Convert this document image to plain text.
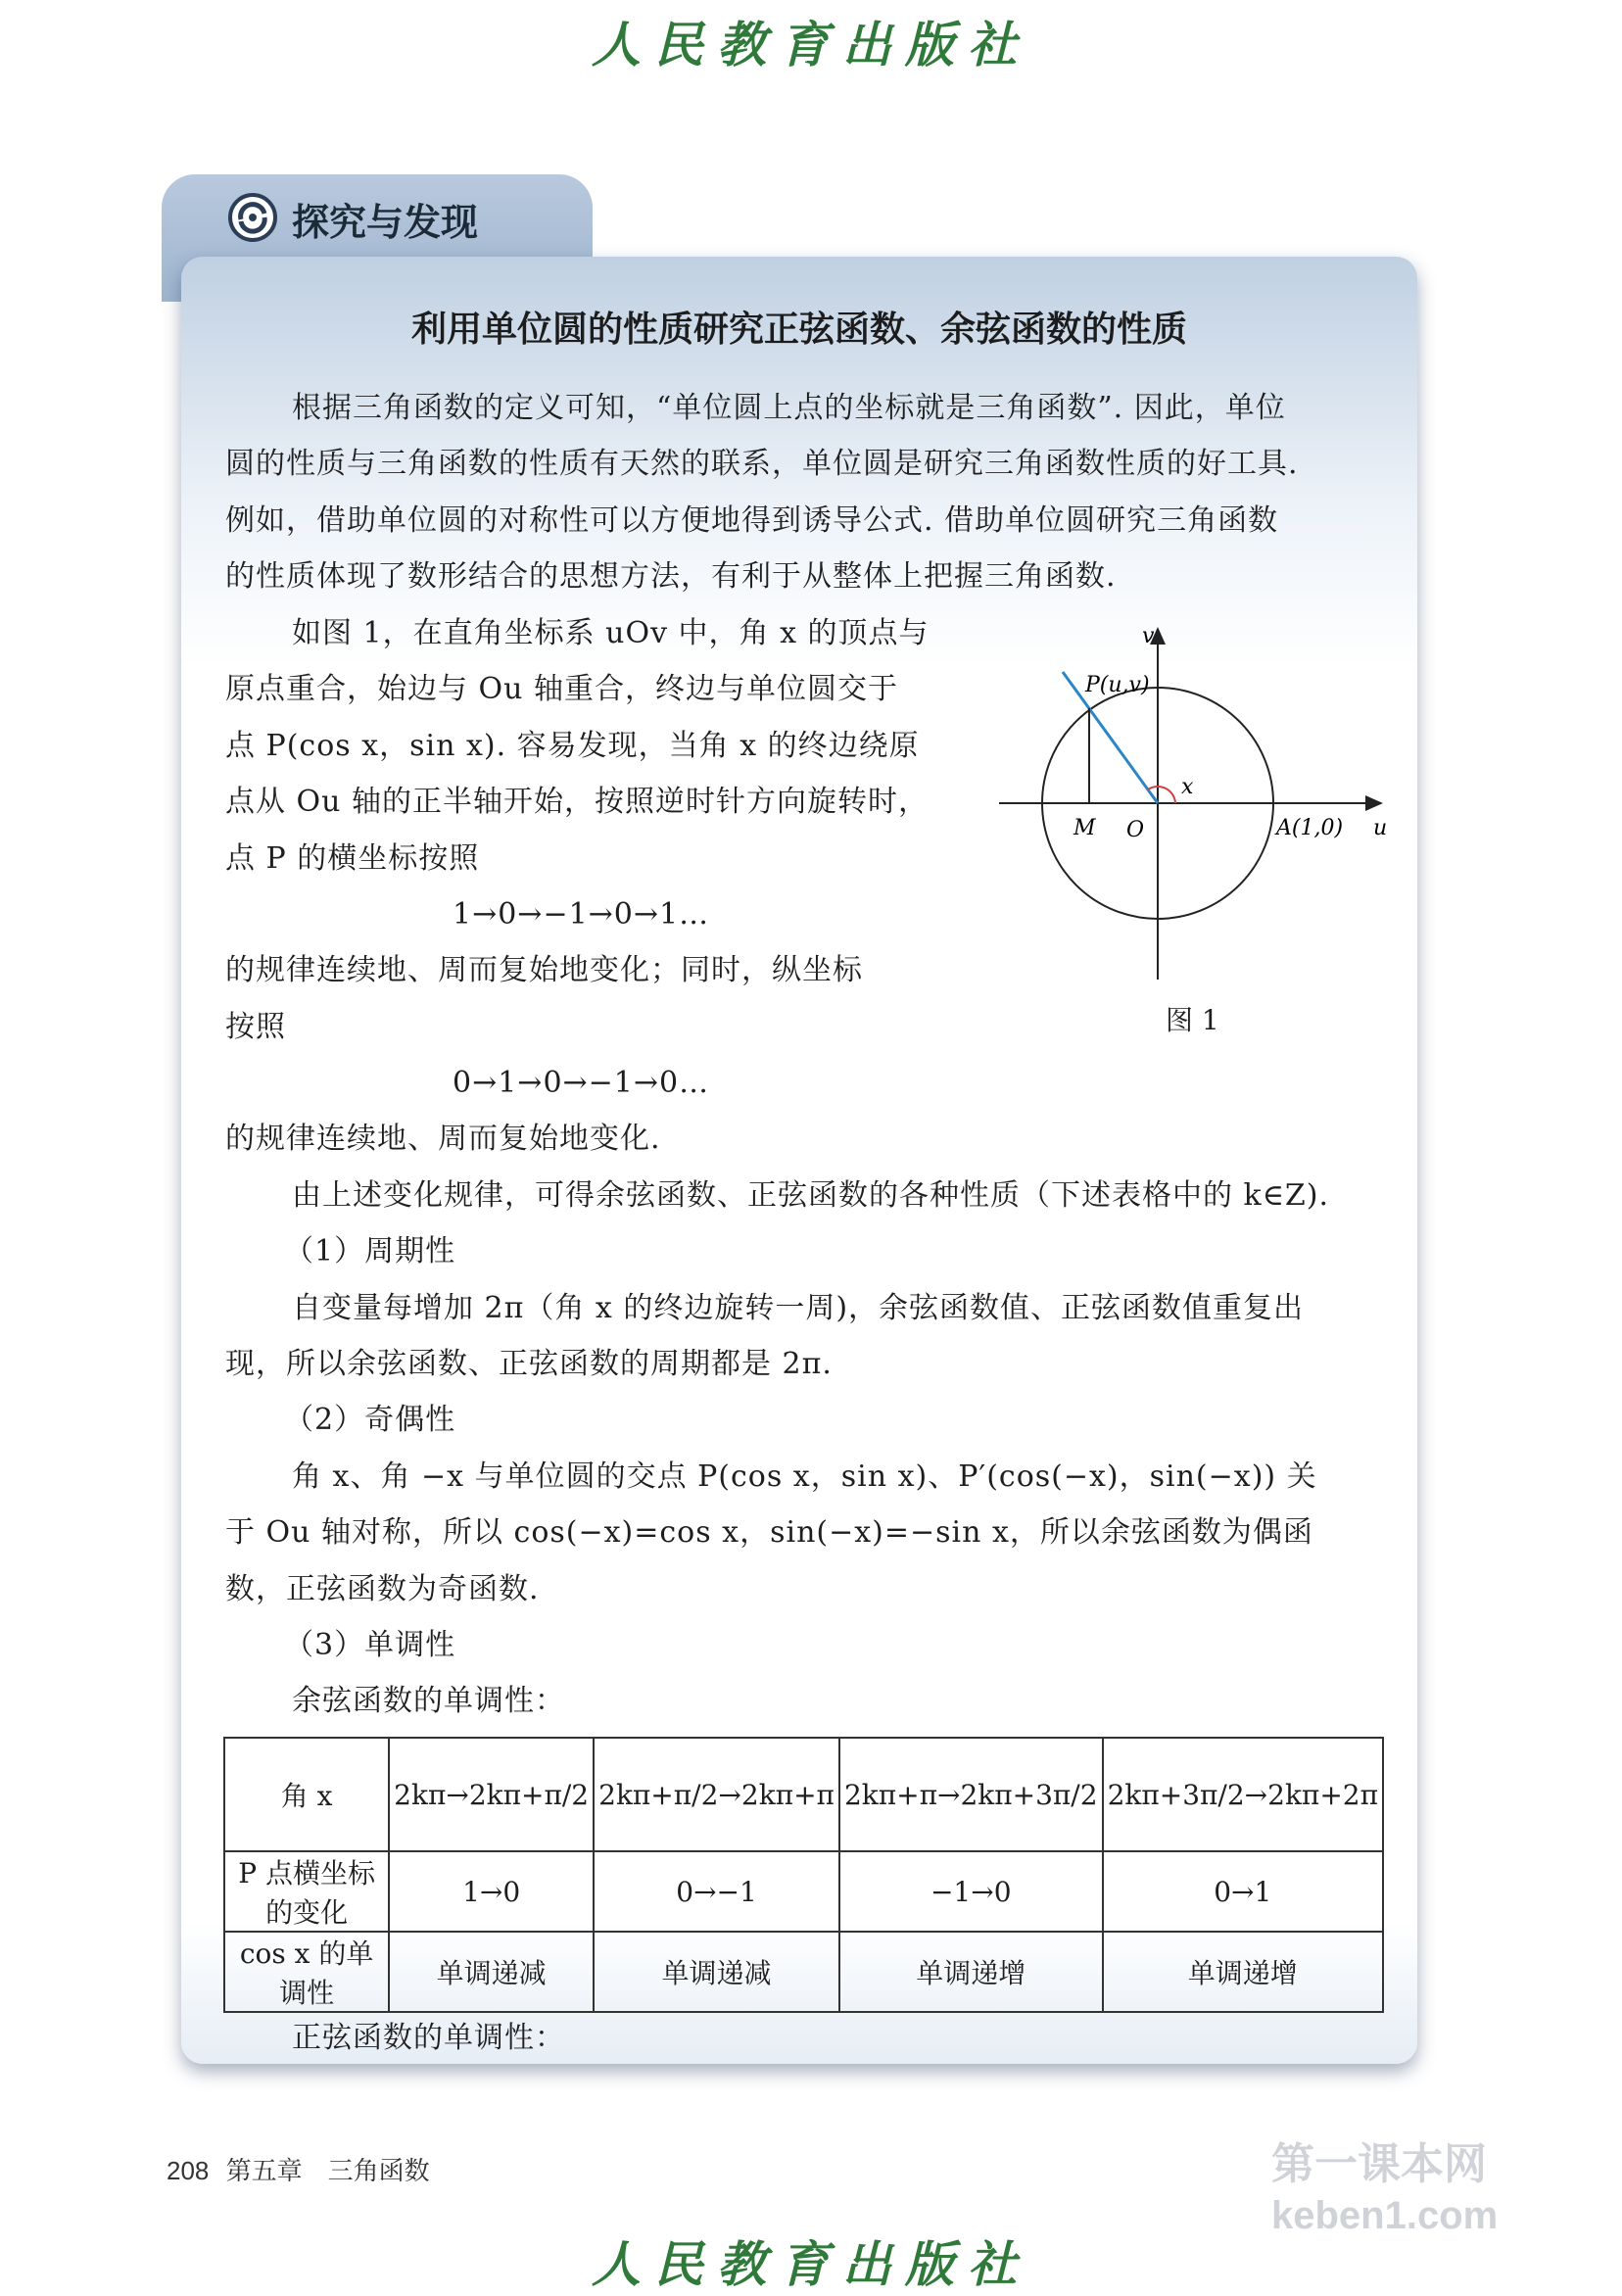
人民教育出版社
探究与发现
利用单位圆的性质研究正弦函数、余弦函数的性质
根据三角函数的定义可知，“单位圆上点的坐标就是三角函数”. 因此，单位
圆的性质与三角函数的性质有天然的联系，单位圆是研究三角函数性质的好工具.
例如，借助单位圆的对称性可以方便地得到诱导公式. 借助单位圆研究三角函数
的性质体现了数形结合的思想方法，有利于从整体上把握三角函数.
如图 1，在直角坐标系 uOv 中，角 x 的顶点与
原点重合，始边与 Ou 轴重合，终边与单位圆交于
点 P(cos x，sin x). 容易发现，当角 x 的终边绕原
点从 Ou 轴的正半轴开始，按照逆时针方向旋转时，
点 P 的横坐标按照
1→0→−1→0→1…
的规律连续地、周而复始地变化；同时，纵坐标
按照
0→1→0→−1→0…
的规律连续地、周而复始地变化.
v
u
P(u,v)
x
M O	A(1,0)
图 1
由上述变化规律，可得余弦函数、正弦函数的各种性质（下述表格中的 k∈Z).
（1）周期性
自变量每增加 2π（角 x 的终边旋转一周)，余弦函数值、正弦函数值重复出
现，所以余弦函数、正弦函数的周期都是 2π.
（2）奇偶性
角 x、角 −x 与单位圆的交点 P(cos x，sin x)、P′(cos(−x)，sin(−x)) 关
于 Ou 轴对称，所以 cos(−x)=cos x，sin(−x)=−sin x，所以余弦函数为偶函
数，正弦函数为奇函数.
（3）单调性
余弦函数的单调性：
角 x	2kπ→2kπ+π/2	2kπ+π/2→2kπ+π	2kπ+π→2kπ+3π/2	2kπ+3π/2→2kπ+2π
P 点横坐标的变化	1→0	0→−1	−1→0	0→1
cos x 的单调性	单调递减	单调递减	单调递增	单调递增
正弦函数的单调性：
208 第五章　三角函数	第一课本网
keben1.com
人民教育出版社
